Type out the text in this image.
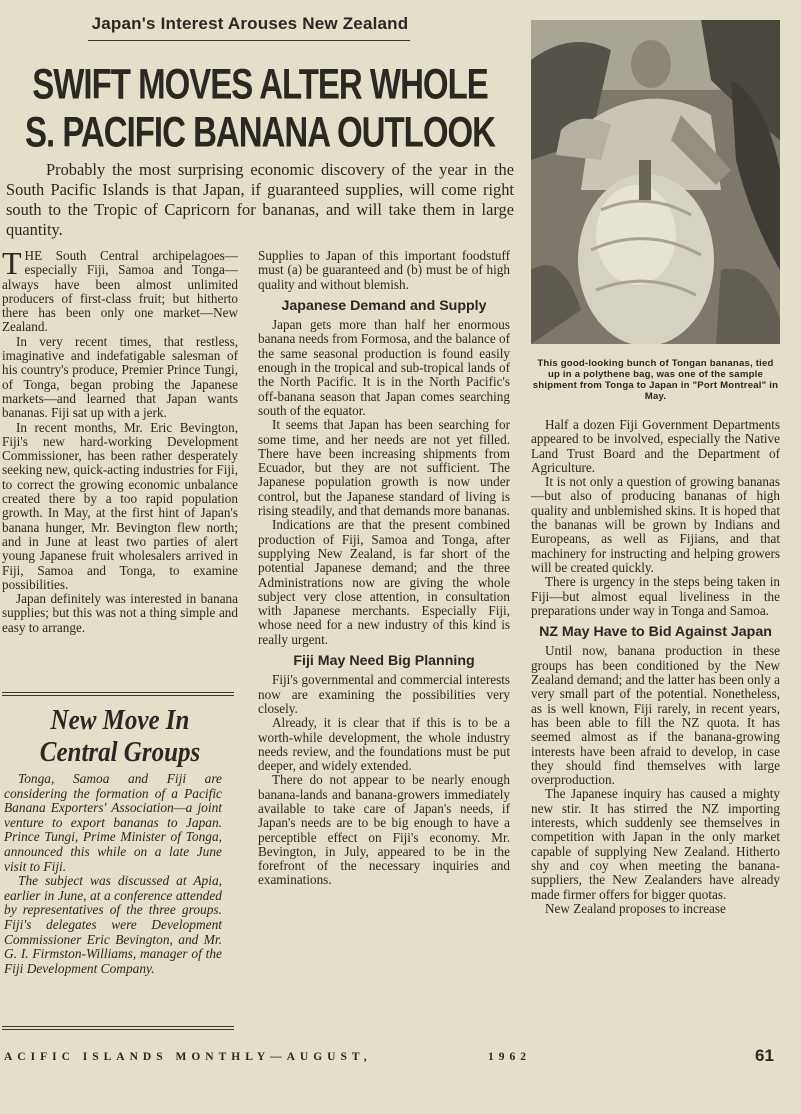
Japan's Interest Arouses New Zealand
SWIFT MOVES ALTER WHOLE
S. PACIFIC BANANA OUTLOOK

Probably the most surprising economic discovery of the year in the South Pacific Islands is that Japan, if guaranteed supplies, will come right south to the Tropic of Capricorn for bananas, and will take them in large quantity.

THE South Central archipelagoes—especially Fiji, Samoa and Tonga—always have been almost unlimited producers of first-class fruit; but hitherto there has been only one market—New Zealand.

In very recent times, that restless, imaginative and indefatigable salesman of his country's produce, Premier Prince Tungi, of Tonga, began probing the Japanese markets—and learned that Japan wants bananas. Fiji sat up with a jerk.

In recent months, Mr. Eric Bevington, Fiji's new hard-working Development Commissioner, has been rather desperately seeking new, quick-acting industries for Fiji, to correct the growing economic unbalance created there by a too rapid population growth. In May, at the first hint of Japan's banana hunger, Mr. Bevington flew north; and in June at least two parties of alert young Japanese fruit wholesalers arrived in Fiji, Samoa and Tonga, to examine possibilities.

Japan definitely was interested in banana supplies; but this was not a thing simple and easy to arrange.

New Move In
Central Groups

Tonga, Samoa and Fiji are considering the formation of a Pacific Banana Exporters' Association—a joint venture to export bananas to Japan. Prince Tungi, Prime Minister of Tonga, announced this while on a late June visit to Fiji.

The subject was discussed at Apia, earlier in June, at a conference attended by representatives of the three groups. Fiji's delegates were Development Commissioner Eric Bevington, and Mr. G. I. Firmston-Williams, manager of the Fiji Development Company.

Supplies to Japan of this important foodstuff must (a) be guaranteed and (b) must be of high quality and without blemish.

Japanese Demand and Supply

Japan gets more than half her enormous banana needs from Formosa, and the balance of the same seasonal production is found easily enough in the tropical and sub-tropical lands of the North Pacific. It is in the North Pacific's off-banana season that Japan comes searching south of the equator.

It seems that Japan has been searching for some time, and her needs are not yet filled. There have been increasing shipments from Ecuador, but they are not sufficient. The Japanese population growth is now under control, but the Japanese standard of living is rising steadily, and that demands more bananas.

Indications are that the present combined production of Fiji, Samoa and Tonga, after supplying New Zealand, is far short of the potential Japanese demand; and the three Administrations now are giving the whole subject very close attention, in consultation with Japanese merchants. Especially Fiji, whose need for a new industry of this kind is really urgent.

Fiji May Need Big Planning

Fiji's governmental and commercial interests now are examining the possibilities very closely.

Already, it is clear that if this is to be a worth-while development, the whole industry needs review, and the foundations must be put deeper, and widely extended.

There do not appear to be nearly enough banana-lands and banana-growers immediately available to take care of Japan's needs, if Japan's needs are to be big enough to have a perceptible effect on Fiji's economy. Mr. Bevington, in July, appeared to be in the forefront of the necessary inquiries and examinations.

This good-looking bunch of Tongan bananas, tied up in a polythene bag, was one of the sample shipment from Tonga to Japan in "Port Montreal" in May.

Half a dozen Fiji Government Departments appeared to be involved, especially the Native Land Trust Board and the Department of Agriculture.

It is not only a question of growing bananas—but also of producing bananas of high quality and unblemished skins. It is hoped that the bananas will be grown by Indians and Europeans, as well as Fijians, and that machinery for instructing and helping growers will be created quickly.

There is urgency in the steps being taken in Fiji—but almost equal liveliness in the preparations under way in Tonga and Samoa.

NZ May Have to Bid Against Japan

Until now, banana production in these groups has been conditioned by the New Zealand demand; and the latter has been only a very small part of the potential. Nonetheless, as is well known, Fiji rarely, in recent years, has been able to fill the NZ quota. It has seemed almost as if the banana-growing interests have been afraid to develop, in case they should find themselves with large overproduction.

The Japanese inquiry has caused a mighty new stir. It has stirred the NZ importing interests, which suddenly see themselves in competition with Japan in the only market capable of supplying New Zealand. Hitherto shy and coy when meeting the banana-suppliers, the New Zealanders have already made firmer offers for bigger quotas.

New Zealand proposes to increase

ACIFIC ISLANDS MONTHLY—AUGUST,	1962	61
